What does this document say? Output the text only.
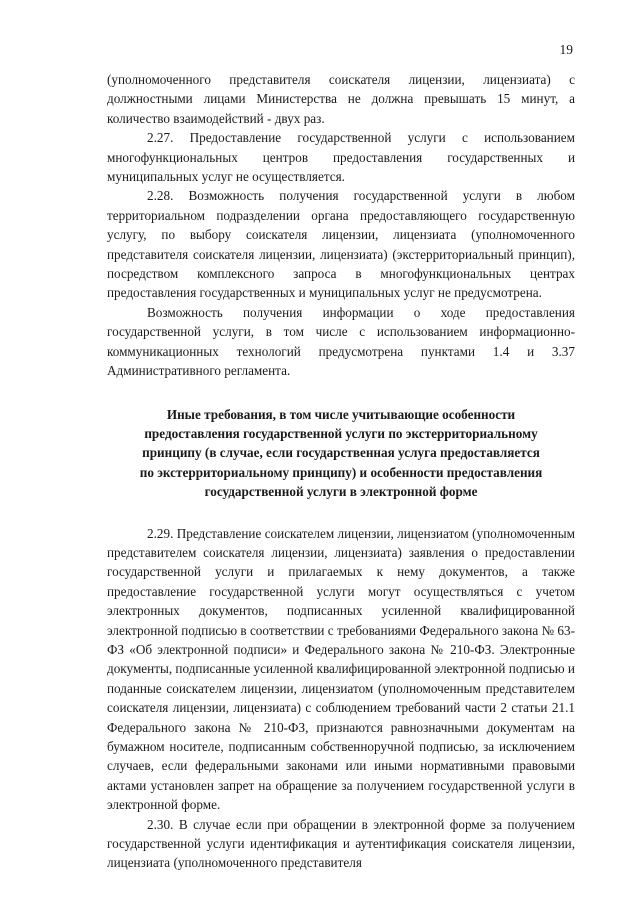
19

(уполномоченного представителя соискателя лицензии, лицензиата) с должностными лицами Министерства не должна превышать 15 минут, а количество взаимодействий - двух раз.

2.27. Предоставление государственной услуги с использованием многофункциональных центров предоставления государственных и муниципальных услуг не осуществляется.

2.28. Возможность получения государственной услуги в любом территориальном подразделении органа предоставляющего государственную услугу, по выбору соискателя лицензии, лицензиата (уполномоченного представителя соискателя лицензии, лицензиата) (экстерриториальный принцип), посредством комплексного запроса в многофункциональных центрах предоставления государственных и муниципальных услуг не предусмотрена.

Возможность получения информации о ходе предоставления государственной услуги, в том числе с использованием информационно-коммуникационных технологий предусмотрена пунктами 1.4 и 3.37 Административного регламента.

Иные требования, в том числе учитывающие особенности
предоставления государственной услуги по экстерриториальному
принципу (в случае, если государственная услуга предоставляется
по экстерриториальному принципу) и особенности предоставления
государственной услуги в электронной форме

2.29. Представление соискателем лицензии, лицензиатом (уполномоченным представителем соискателя лицензии, лицензиата) заявления о предоставлении государственной услуги и прилагаемых к нему документов, а также предоставление государственной услуги могут осуществляться с учетом электронных документов, подписанных усиленной квалифицированной электронной подписью в соответствии с требованиями Федерального закона № 63-ФЗ «Об электронной подписи» и Федерального закона № 210-ФЗ. Электронные документы, подписанные усиленной квалифицированной электронной подписью и поданные соискателем лицензии, лицензиатом (уполномоченным представителем соискателя лицензии, лицензиата) с соблюдением требований части 2 статьи 21.1 Федерального закона № 210-ФЗ, признаются равнозначными документам на бумажном носителе, подписанным собственноручной подписью, за исключением случаев, если федеральными законами или иными нормативными правовыми актами установлен запрет на обращение за получением государственной услуги в электронной форме.

2.30. В случае если при обращении в электронной форме за получением государственной услуги идентификация и аутентификация соискателя лицензии, лицензиата (уполномоченного представителя
